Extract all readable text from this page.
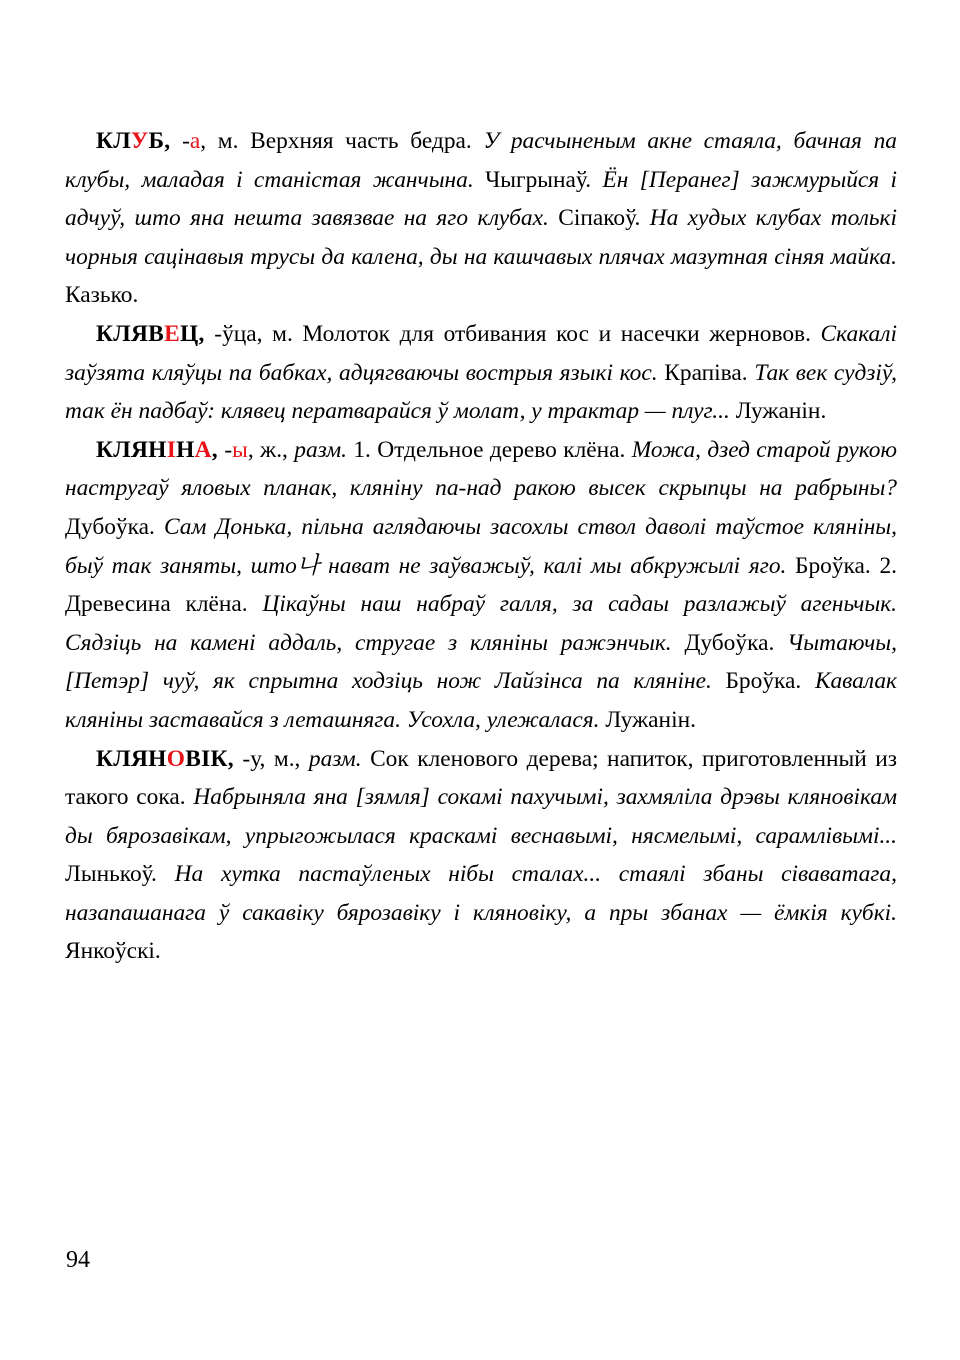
КЛУБ, -а, м. Верхняя часть бедра. У расчыненым акне стаяла, бачная па клубы, маладая і станістая жанчына. Чыгрынаў. Ён [Перанег] зажмурыйся і адчуў, што яна нешта завязвае на яго клубах. Сіпакоў. На худых клубах толькі чорныя сацінавыя трусы да калена, ды на кашчавых плячах мазутная сіняя майка. Казько.

КЛЯВЕЦ, -ўца, м. Молоток для отбивания кос и насечки жерновов. Скакалі заўзята кляўцы па бабках, адцягваючы вострыя языкі кос. Крапіва. Так век судзіў, так ён падбаў: клявец ператварайся ў молат, у трактар — плуг... Лужанін.

КЛЯНІНА, -ы, ж., разм. 1. Отдельное дерево клёна. Можа, дзед старой рукою настругаў яловых планак, кляніну па-над ракою высек скрыпцы на рабрыны? Дубоўка. Сам Донька, пільна аглядаючы засохлы ствол даволі таўстое кляніны, быў так заняты, што나 нават не заўважыў, калі мы абкружылі яго. Броўка. 2. Древесина клёна. Цікаўны наш набраў галля, за садаы разлажыў агеньчык. Сядзіць на камені аддаль, стругае з кляніны ражэнчык. Дубоўка. Чытаючы, [Петэр] чуў, як спрытна ходзіць нож Лайзінса па кляніне. Броўка. Кавалак кляніны заставайся з леташняга. Усохла, улежалася. Лужанін.

КЛЯНОВІК, -у, м., разм. Сок кленового дерева; напиток, приготовленный из такого сока. Набрыняла яна [зямля] сокамі пахучымі, захмяліла дрэвы кляновікам ды бярозавікам, упрыгожылася краскамі веснавымі, нясмелымі, сарамлівымі... Лынькоў. На хутка пастаўленых нібы сталах... стаялі збаны сіваватага, назапашанага ў сакавіку бярозавіку і кляновіку, а пры збанах — ёмкія кубкі. Янкоўскі.

94
